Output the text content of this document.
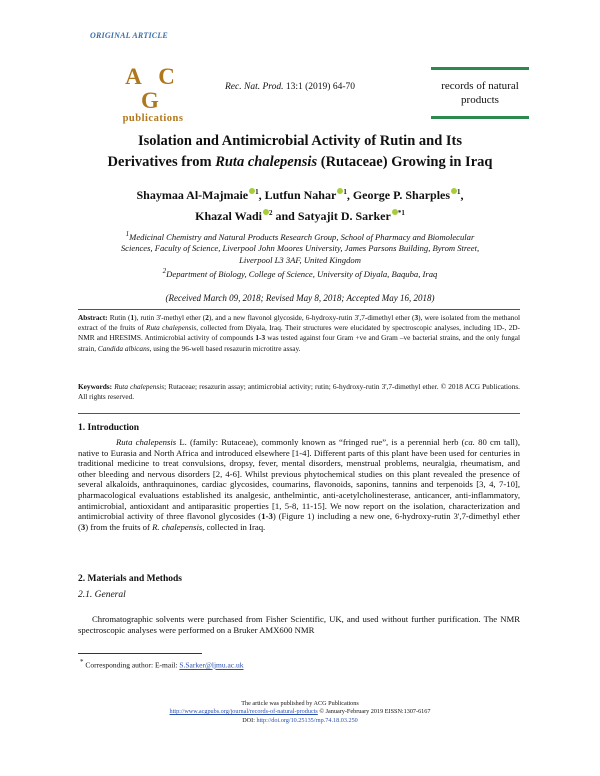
ORIGINAL ARTICLE
A C G
publications
Rec. Nat. Prod. 13:1 (2019) 64-70	records of natural products
Isolation and Antimicrobial Activity of Rutin and Its
Derivatives from Ruta chalepensis (Rutaceae) Growing in Iraq
Shaymaa Al-Majmaie $^1$, Lutfun Nahar $^1$, George P. Sharples $^1$,
Khazal Wadi $^2$ and Satyajit D. Sarker $^{*1}$
$^1$Medicinal Chemistry and Natural Products Research Group, School of Pharmacy and Biomolecular Sciences, Faculty of Science, Liverpool John Moores University, James Parsons Building, Byrom Street, Liverpool L3 3AF, United Kingdom
$^2$Department of Biology, College of Science, University of Diyala, Baquba, Iraq
(Received March 09, 2018; Revised May 8, 2018; Accepted May 16, 2018)
Abstract: Rutin (1), rutin 3'-methyl ether (2), and a new flavonol glycoside, 6-hydroxy-rutin 3',7-dimethyl ether (3), were isolated from the methanol extract of the fruits of Ruta chalepensis, collected from Diyala, Iraq. Their structures were elucidated by spectroscopic analyses, including 1D-, 2D-NMR and HRESIMS. Antimicrobial activity of compounds 1-3 was tested against four Gram +ve and Gram –ve bacterial strains, and the only fungal strain, Candida albicans, using the 96-well based resazurin microtitre assay.
Keywords: Ruta chalepensis; Rutaceae; resazurin assay; antimicrobial activity; rutin; 6-hydroxy-rutin 3',7-dimethyl ether. © 2018 ACG Publications. All rights reserved.
1. Introduction
Ruta chalepensis L. (family: Rutaceae), commonly known as “fringed rue”, is a perennial herb (ca. 80 cm tall), native to Eurasia and North Africa and introduced elsewhere [1-4]. Different parts of this plant have been used for centuries in traditional medicine to treat convulsions, dropsy, fever, mental disorders, menstrual problems, neuralgia, rheumatism, and other bleeding and nervous disorders [2, 4-6]. Whilst previous phytochemical studies on this plant revealed the presence of several alkaloids, anthraquinones, cardiac glycosides, coumarins, flavonoids, saponins, tannins and terpenoids [3, 4, 7-10], pharmacological evaluations established its analgesic, anthelmintic, anti-acetylcholinesterase, anticancer, anti-inflammatory, antimicrobial, antioxidant and antiparasitic properties [1, 5-8, 11-15]. We now report on the isolation, characterization and antimicrobial activity of three flavonol glycosides (1-3) (Figure 1) including a new one, 6-hydroxy-rutin 3',7-dimethyl ether (3) from the fruits of R. chalepensis, collected in Iraq.
2. Materials and Methods
2.1. General
Chromatographic solvents were purchased from Fisher Scientific, UK, and used without further purification. The NMR spectroscopic analyses were performed on a Bruker AMX600 NMR
* Corresponding author: E-mail: S.Sarker@ljmu.ac.uk
The article was published by ACG Publications
http://www.acgpubs.org/journal/records-of-natural-products © January-February 2019 EISSN:1307-6167
DOI: http://doi.org/10.25135/rnp.74.18.03.250
